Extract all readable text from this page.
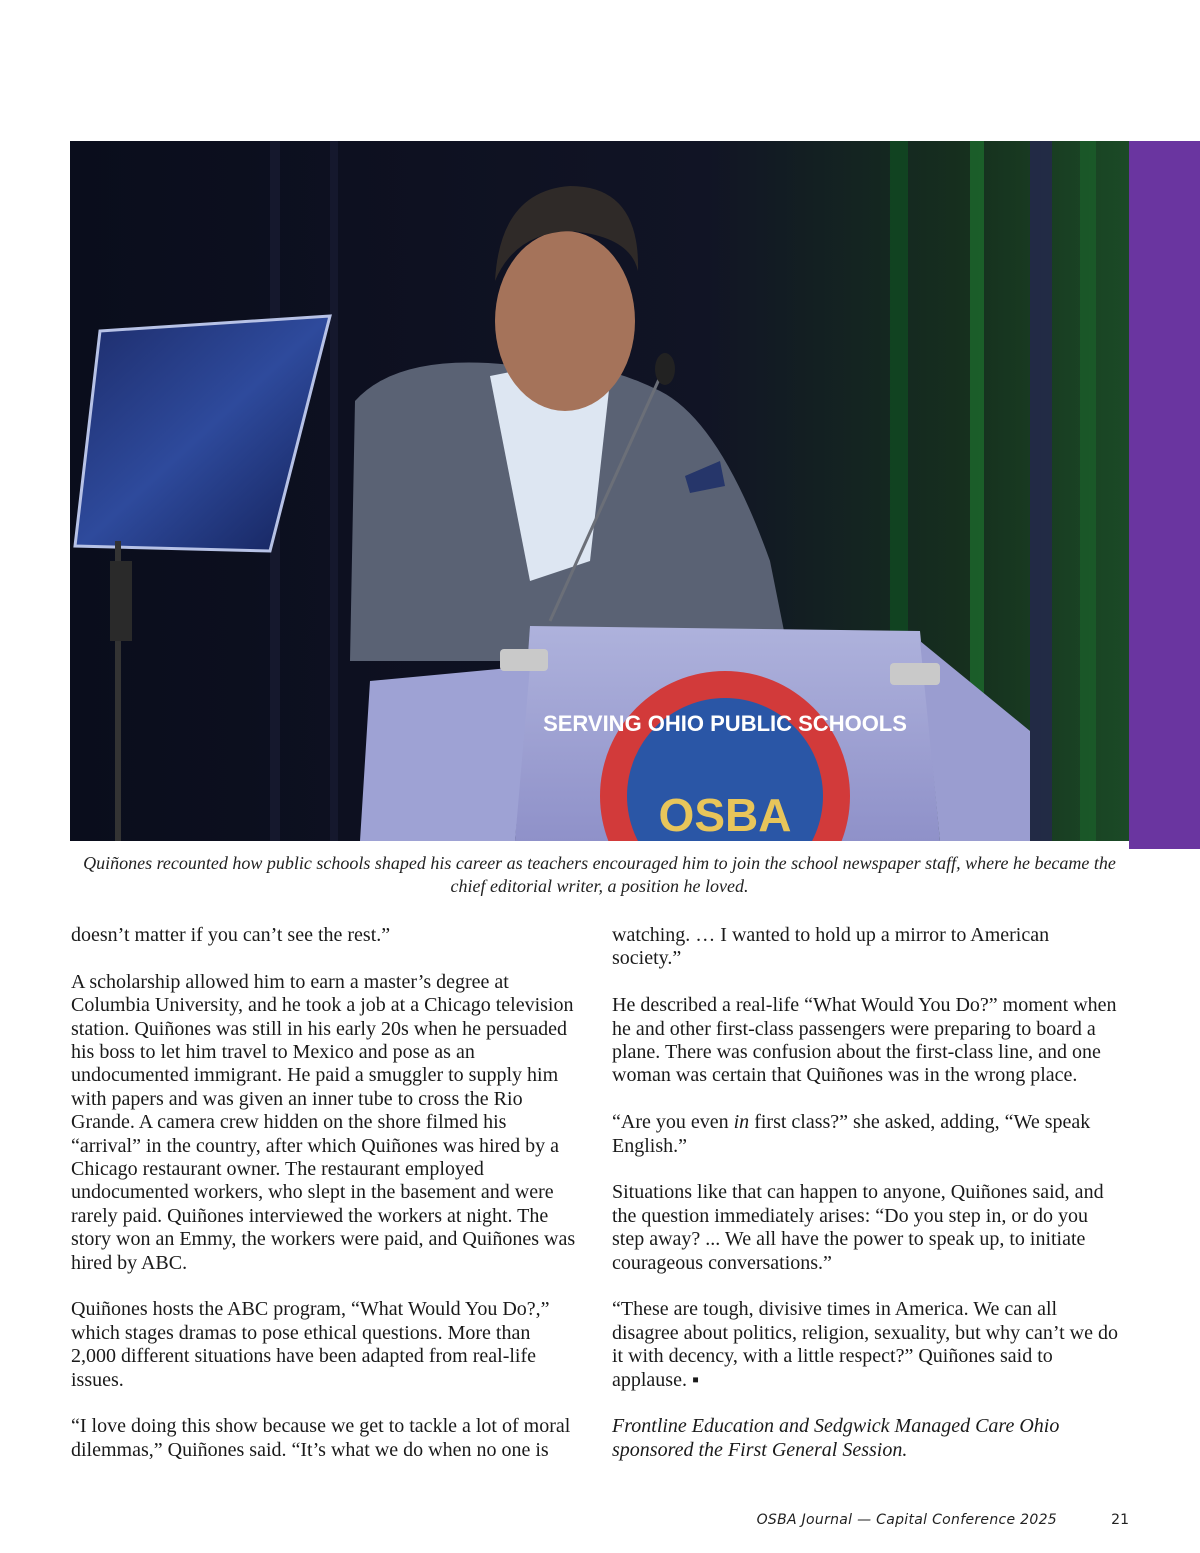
SERVING OHIO PUBLIC SCHOOLS
OSBA
Quiñones recounted how public schools shaped his career as teachers encouraged him to join the school newspaper staff, where he became the chief editorial writer, a position he loved.

doesn’t matter if you can’t see the rest.”

A scholarship allowed him to earn a master’s degree at Columbia University, and he took a job at a Chicago television station. Quiñones was still in his early 20s when he persuaded his boss to let him travel to Mexico and pose as an undocumented immigrant. He paid a smuggler to supply him with papers and was given an inner tube to cross the Rio Grande. A camera crew hidden on the shore filmed his “arrival” in the country, after which Quiñones was hired by a Chicago restaurant owner. The restaurant employed undocumented workers, who slept in the basement and were rarely paid. Quiñones interviewed the workers at night. The story won an Emmy, the workers were paid, and Quiñones was hired by ABC.

Quiñones hosts the ABC program, “What Would You Do?,” which stages dramas to pose ethical questions. More than 2,000 different situations have been adapted from real-life issues.

“I love doing this show because we get to tackle a lot of moral dilemmas,” Quiñones said. “It’s what we do when no one is

watching. … I wanted to hold up a mirror to American society.”

He described a real-life “What Would You Do?” moment when he and other first-class passengers were preparing to board a plane. There was confusion about the first-class line, and one woman was certain that Quiñones was in the wrong place.

“Are you even in first class?” she asked, adding, “We speak English.”

Situations like that can happen to anyone, Quiñones said, and the question immediately arises: “Do you step in, or do you step away? ... We all have the power to speak up, to initiate courageous conversations.”

“These are tough, divisive times in America. We can all disagree about politics, religion, sexuality, but why can’t we do it with decency, with a little respect?” Quiñones said to applause. ▪

Frontline Education and Sedgwick Managed Care Ohio sponsored the First General Session.

OSBA Journal — Capital Conference 2025	21
